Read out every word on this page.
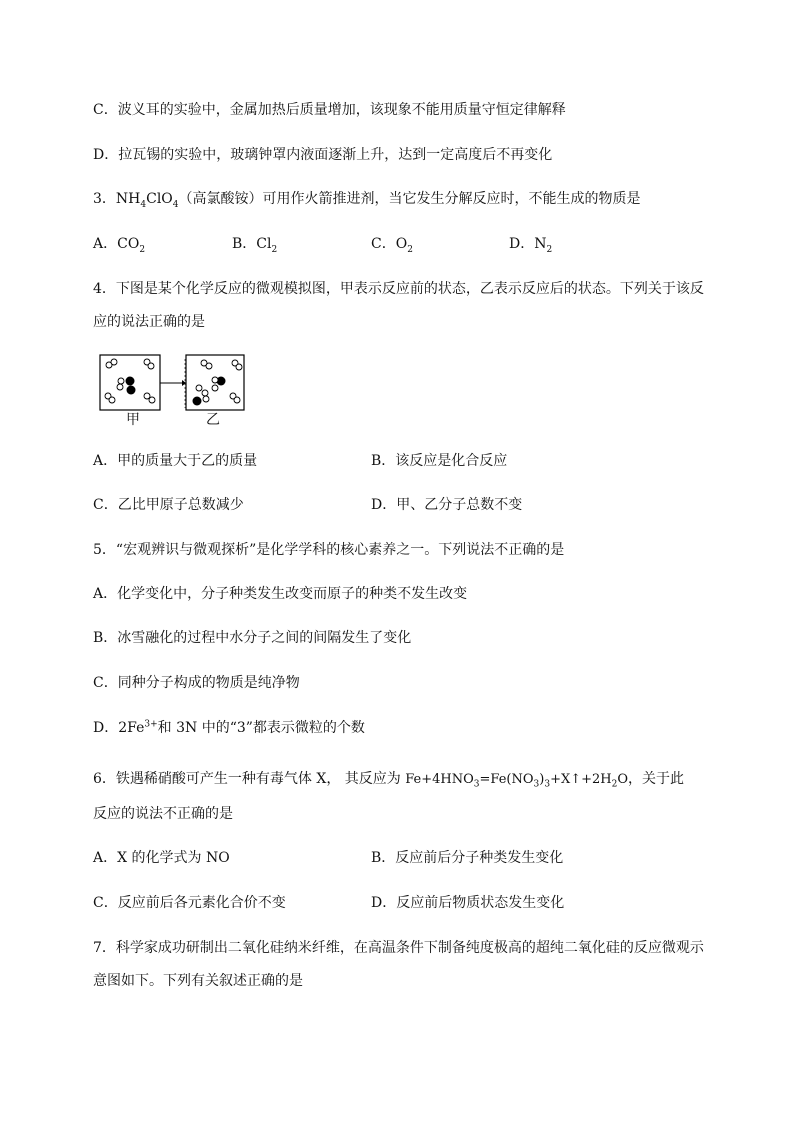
C．波义耳的实验中，金属加热后质量增加，该现象不能用质量守恒定律解释
D．拉瓦锡的实验中，玻璃钟罩内液面逐渐上升，达到一定高度后不再变化
3．$NH_4ClO_4$（高氯酸铵）可用作火箭推进剂，当它发生分解反应时，不能生成的物质是
A．$CO_2$	B．$Cl_2$	C．$O_2$	D．$N_2$
4．下图是某个化学反应的微观模拟图，甲表示反应前的状态，乙表示反应后的状态。下列关于该反
应的说法正确的是
甲	乙
A．甲的质量大于乙的质量	B．该反应是化合反应
C．乙比甲原子总数减少	D．甲、乙分子总数不变
5．“宏观辨识与微观探析”是化学学科的核心素养之一。下列说法不正确的是
A．化学变化中，分子种类发生改变而原子的种类不发生改变
B．冰雪融化的过程中水分子之间的间隔发生了变化
C．同种分子构成的物质是纯净物
D．$2Fe^{3+}$和 3N 中的“3”都表示微粒的个数
6．铁遇稀硝酸可产生一种有毒气体 X， 其反应为 $Fe+4HNO_3=Fe(NO_3)_3+X↑+2H_2O$，关于此
反应的说法不正确的是
A．X 的化学式为 NO	B．反应前后分子种类发生变化
C．反应前后各元素化合价不变	D．反应前后物质状态发生变化
7．科学家成功研制出二氧化硅纳米纤维，在高温条件下制备纯度极高的超纯二氧化硅的反应微观示
意图如下。下列有关叙述正确的是
